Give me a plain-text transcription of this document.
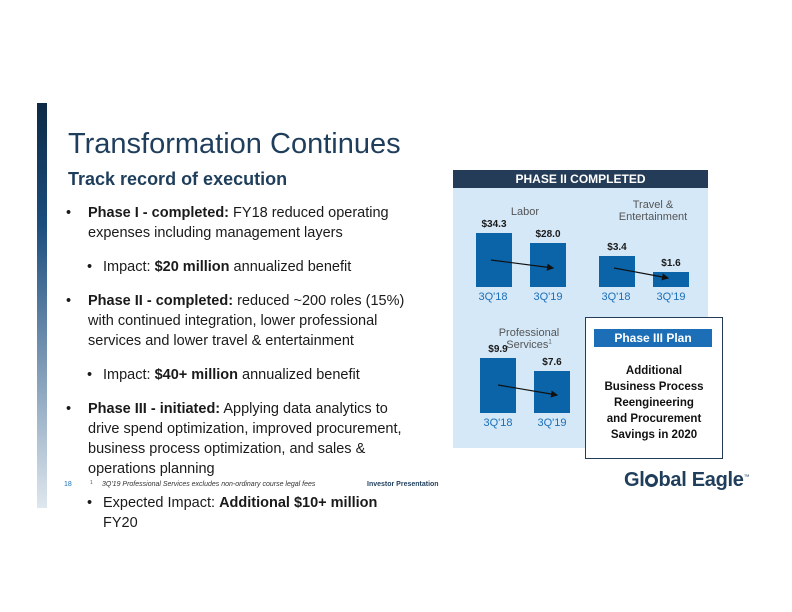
Transformation Continues
Track record of execution
• Phase I - completed: FY18 reduced operating expenses including management layers
• Impact: $20 million annualized benefit
• Phase II - completed: reduced ~200 roles (15%) with continued integration, lower professional services and lower travel & entertainment
• Impact: $40+ million annualized benefit
• Phase III - initiated: Applying data analytics to drive spend optimization, improved procurement, business process optimization, and sales & operations planning
• Expected Impact: Additional $10+ million FY20
PHASE II COMPLETED
Labor
$34.3
$28.0
3Q'18	3Q'19
Travel & Entertainment
$3.4
$1.6
3Q'18	3Q'19
Professional Services$^1$
$9.9
$7.6
3Q'18	3Q'19
Phase III Plan
Additional
Business Process
Reengineering
and Procurement
Savings in 2020
18	1 3Q'19 Professional Services excludes non-ordinary course legal fees	Investor Presentation	Gl bal Eagle™
